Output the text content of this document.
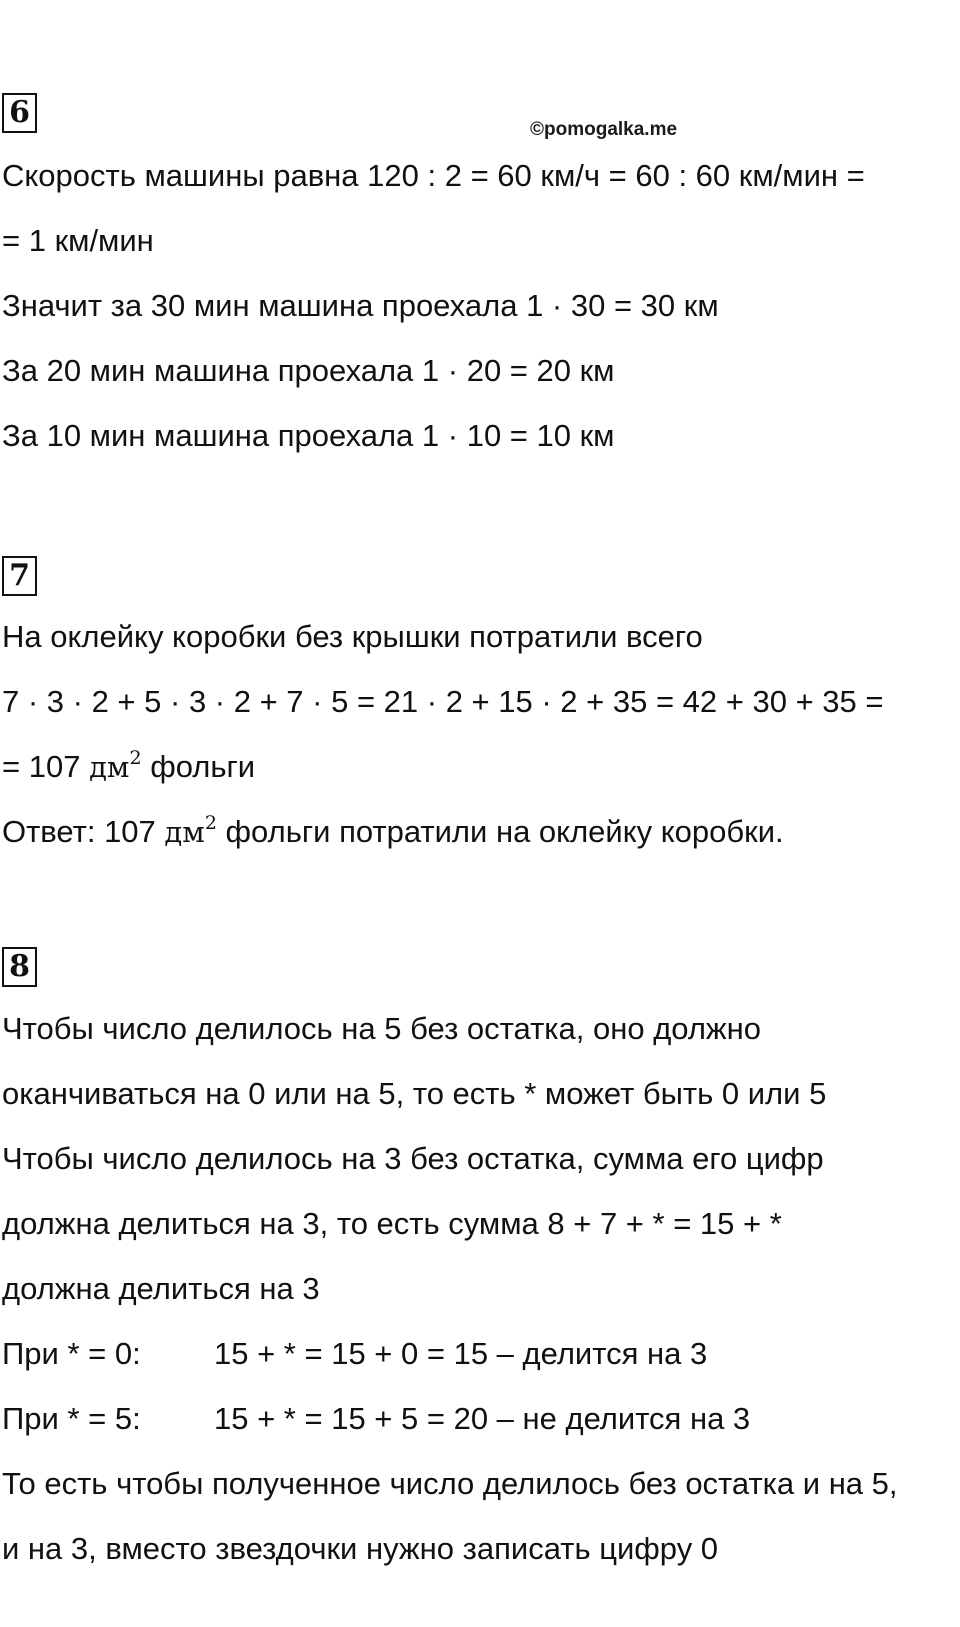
6	©pomogalka.me
Скорость машины равна 120 : 2 = 60 км/ч = 60 : 60 км/мин =
= 1 км/мин
Значит за 30 мин машина проехала 1 · 30 = 30 км
За 20 мин машина проехала 1 · 20 = 20 км
За 10 мин машина проехала 1 · 10 = 10 км
7
На оклейку коробки без крышки потратили всего
7 · 3 · 2 + 5 · 3 · 2 + 7 · 5 = 21 · 2 + 15 · 2 + 35 = 42 + 30 + 35 =
= 107 $дм^2$ фольги
Ответ: 107 $дм^2$ фольги потратили на оклейку коробки.
8
Чтобы число делилось на 5 без остатка, оно должно
оканчиваться на 0 или на 5, то есть * может быть 0 или 5
Чтобы число делилось на 3 без остатка, сумма его цифр
должна делиться на 3, то есть сумма 8 + 7 + * = 15 + *
должна делиться на 3
При * = 0: 15 + * = 15 + 0 = 15 – делится на 3
При * = 5: 15 + * = 15 + 5 = 20 – не делится на 3
То есть чтобы полученное число делилось без остатка и на 5,
и на 3, вместо звездочки нужно записать цифру 0
